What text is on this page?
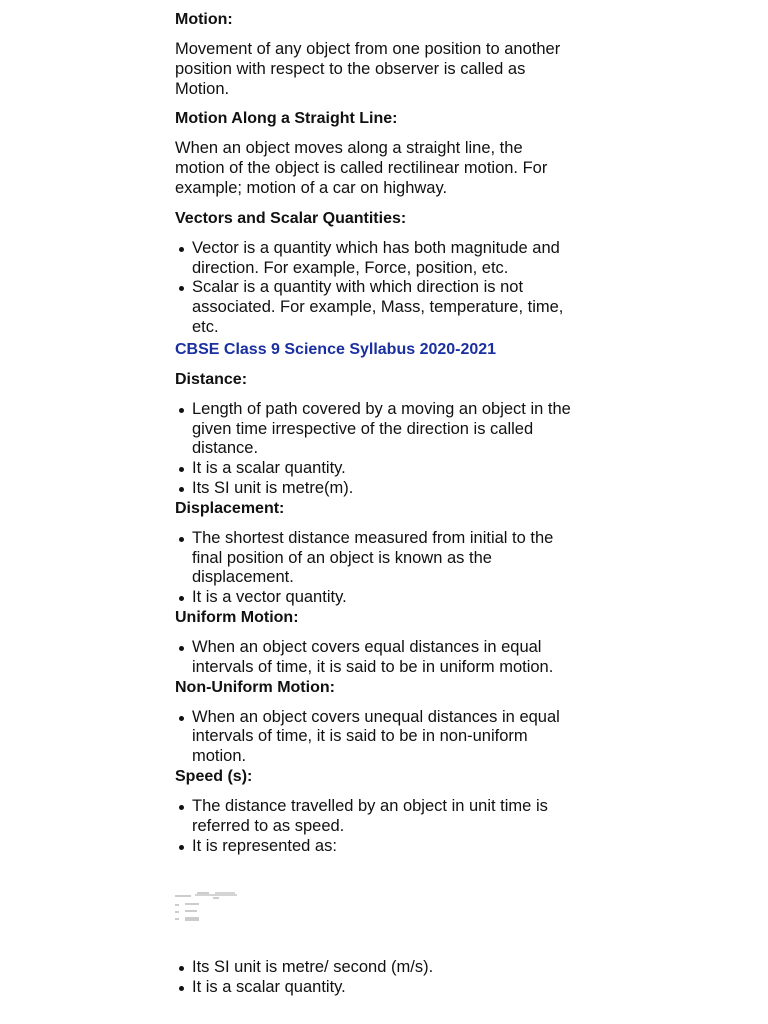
Motion:
Movement of any object from one position to another position with respect to the observer is called as Motion.
Motion Along a Straight Line:
When an object moves along a straight line, the motion of the object is called rectilinear motion. For example; motion of a car on highway.
Vectors and Scalar Quantities:
Vector is a quantity which has both magnitude and direction. For example, Force, position, etc.
Scalar is a quantity with which direction is not associated. For example, Mass, temperature, time, etc.
CBSE Class 9 Science Syllabus 2020-2021
Distance:
Length of path covered by a moving an object in the given time irrespective of the direction is called distance.
It is a scalar quantity.
Its SI unit is metre(m).
Displacement:
The shortest distance measured from initial to the final position of an object is known as the displacement.
It is a vector quantity.
Uniform Motion:
When an object covers equal distances in equal intervals of time, it is said to be in uniform motion.
Non-Uniform Motion:
When an object covers unequal distances in equal intervals of time, it is said to be in non-uniform motion.
Speed (s):
The distance travelled by an object in unit time is referred to as speed.
It is represented as:
Its SI unit is metre/ second (m/s).
It is a scalar quantity.
